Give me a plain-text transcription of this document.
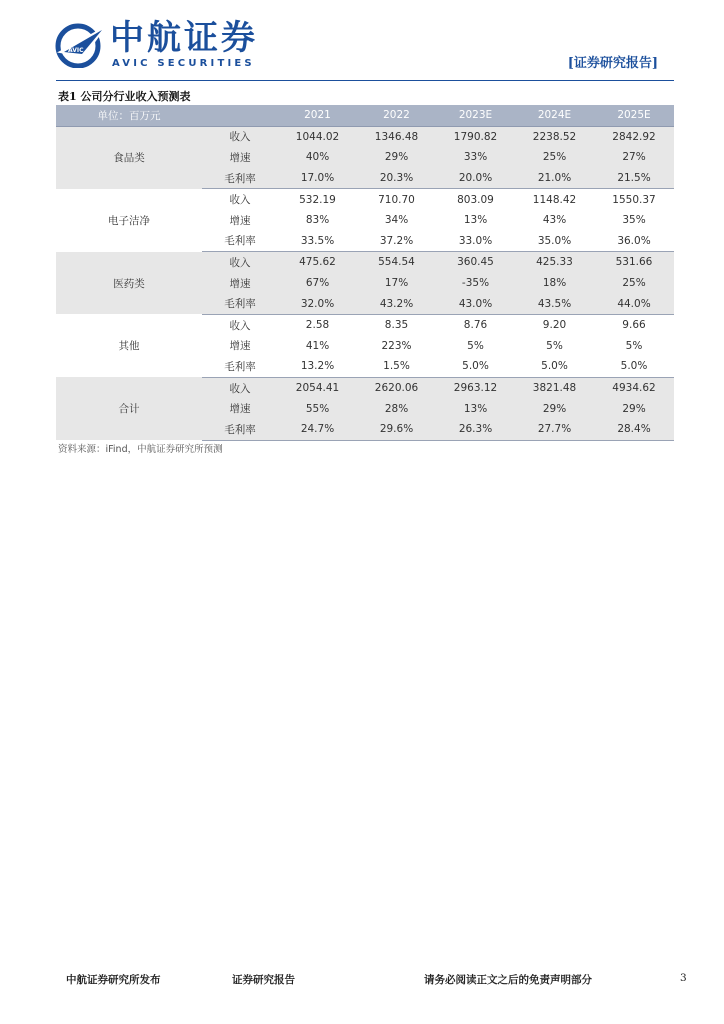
AVIC 中航证券
AVIC SECURITIES	[证券研究报告]
表1 公司分行业收入预测表
单位：百万元		2021	2022	2023E	2024E	2025E
食品类	收入	1044.02	1346.48	1790.82	2238.52	2842.92
	增速	40%	29%	33%	25%	27%
	毛利率	17.0%	20.3%	20.0%	21.0%	21.5%
电子洁净	收入	532.19	710.70	803.09	1148.42	1550.37
	增速	83%	34%	13%	43%	35%
	毛利率	33.5%	37.2%	33.0%	35.0%	36.0%
医药类	收入	475.62	554.54	360.45	425.33	531.66
	增速	67%	17%	-35%	18%	25%
	毛利率	32.0%	43.2%	43.0%	43.5%	44.0%
其他	收入	2.58	8.35	8.76	9.20	9.66
	增速	41%	223%	5%	5%	5%
	毛利率	13.2%	1.5%	5.0%	5.0%	5.0%
合计	收入	2054.41	2620.06	2963.12	3821.48	4934.62
	增速	55%	28%	13%	29%	29%
	毛利率	24.7%	29.6%	26.3%	27.7%	28.4%
资料来源：iFind，中航证券研究所预测
中航证券研究所发布	证券研究报告	请务必阅读正文之后的免责声明部分	3
